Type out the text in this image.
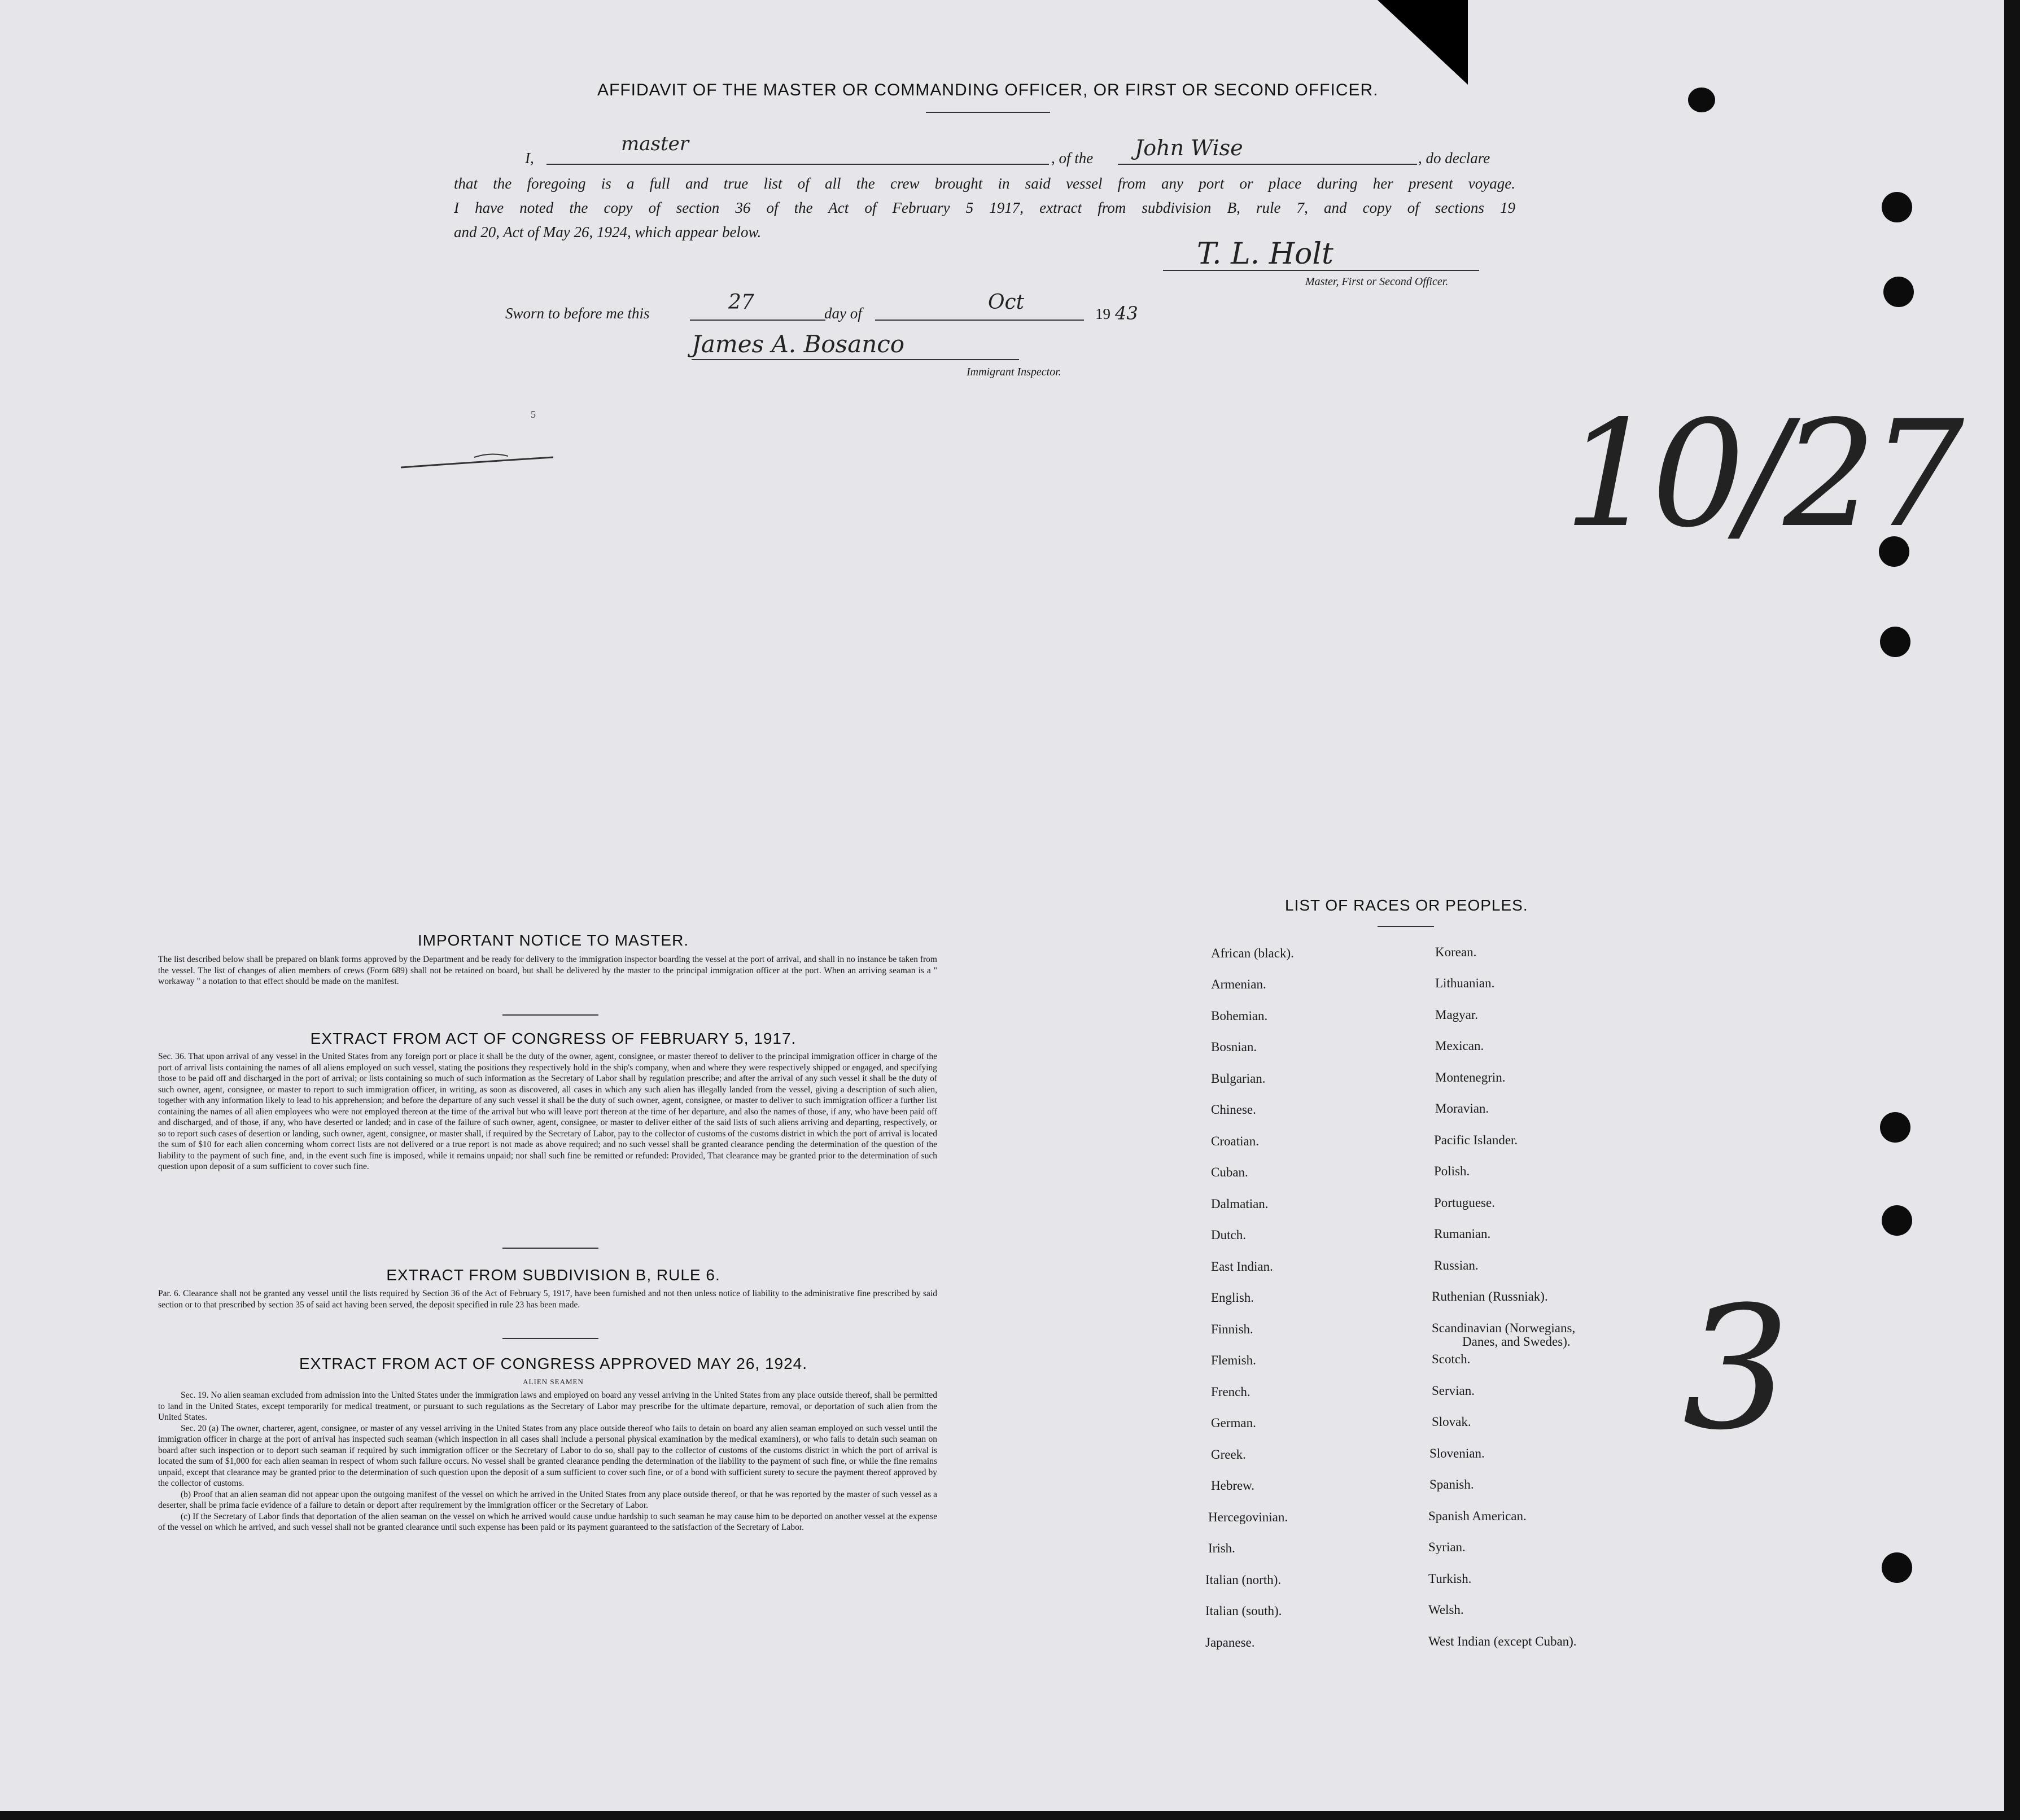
AFFIDAVIT OF THE MASTER OR COMMANDING OFFICER, OR FIRST OR SECOND OFFICER.
I,
master
, of the John Wise	, do declare
that the foregoing is a full and true list of all the crew brought in said vessel from any port or place during her present voyage.
I have noted the copy of section 36 of the Act of February 5 1917, extract from subdivision B, rule 7, and copy of sections 19
and 20, Act of May 26, 1924, which appear below.
T. L. Holt
Master, First or Second Officer.
Sworn to before me this	27	day of	Oct	19 43
James A. Bosanco
Immigrant Inspector.
5	10/27
3
IMPORTANT NOTICE TO MASTER.
The list described below shall be prepared on blank forms approved by the Department and be ready for delivery to the immigration inspector boarding the vessel at the port of arrival, and shall in no instance be taken from the vessel. The list of changes of alien members of crews (Form 689) shall not be retained on board, but shall be delivered by the master to the principal immigration officer at the port. When an arriving seaman is a " workaway " a notation to that effect should be made on the manifest.
EXTRACT FROM ACT OF CONGRESS OF FEBRUARY 5, 1917.
Sec. 36. That upon arrival of any vessel in the United States from any foreign port or place it shall be the duty of the owner, agent, consignee, or master thereof to deliver to the principal immigration officer in charge of the port of arrival lists containing the names of all aliens employed on such vessel, stating the positions they respectively hold in the ship's company, when and where they were respectively shipped or engaged, and specifying those to be paid off and discharged in the port of arrival; or lists containing so much of such information as the Secretary of Labor shall by regulation prescribe; and after the arrival of any such vessel it shall be the duty of such owner, agent, consignee, or master to report to such immigration officer, in writing, as soon as discovered, all cases in which any such alien has illegally landed from the vessel, giving a description of such alien, together with any information likely to lead to his apprehension; and before the departure of any such vessel it shall be the duty of such owner, agent, consignee, or master to deliver to such immigration officer a further list containing the names of all alien employees who were not employed thereon at the time of the arrival but who will leave port thereon at the time of her departure, and also the names of those, if any, who have been paid off and discharged, and of those, if any, who have deserted or landed; and in case of the failure of such owner, agent, consignee, or master to deliver either of the said lists of such aliens arriving and departing, respectively, or so to report such cases of desertion or landing, such owner, agent, consignee, or master shall, if required by the Secretary of Labor, pay to the collector of customs of the customs district in which the port of arrival is located the sum of $10 for each alien concerning whom correct lists are not delivered or a true report is not made as above required; and no such vessel shall be granted clearance pending the determination of the question of the liability to the payment of such fine, and, in the event such fine is imposed, while it remains unpaid; nor shall such fine be remitted or refunded: Provided, That clearance may be granted prior to the determination of such question upon deposit of a sum sufficient to cover such fine.
EXTRACT FROM SUBDIVISION B, RULE 6.
Par. 6. Clearance shall not be granted any vessel until the lists required by Section 36 of the Act of February 5, 1917, have been furnished and not then unless notice of liability to the administrative fine prescribed by said section or to that prescribed by section 35 of said act having been served, the deposit specified in rule 23 has been made.
EXTRACT FROM ACT OF CONGRESS APPROVED MAY 26, 1924.
ALIEN SEAMEN
Sec. 19. No alien seaman excluded from admission into the United States under the immigration laws and employed on board any vessel arriving in the United States from any place outside thereof, shall be permitted to land in the United States, except temporarily for medical treatment, or pursuant to such regulations as the Secretary of Labor may prescribe for the ultimate departure, removal, or deportation of such alien from the United States.
Sec. 20 (a) The owner, charterer, agent, consignee, or master of any vessel arriving in the United States from any place outside thereof who fails to detain on board any alien seaman employed on such vessel until the immigration officer in charge at the port of arrival has inspected such seaman (which inspection in all cases shall include a personal physical examination by the medical examiners), or who fails to detain such seaman on board after such inspection or to deport such seaman if required by such immigration officer or the Secretary of Labor to do so, shall pay to the collector of customs of the customs district in which the port of arrival is located the sum of $1,000 for each alien seaman in respect of whom such failure occurs. No vessel shall be granted clearance pending the determination of the liability to the payment of such fine, or while the fine remains unpaid, except that clearance may be granted prior to the determination of such question upon the deposit of a sum sufficient to cover such fine, or of a bond with sufficient surety to secure the payment thereof approved by the collector of customs.
(b) Proof that an alien seaman did not appear upon the outgoing manifest of the vessel on which he arrived in the United States from any place outside thereof, or that he was reported by the master of such vessel as a deserter, shall be prima facie evidence of a failure to detain or deport after requirement by the immigration officer or the Secretary of Labor.
(c) If the Secretary of Labor finds that deportation of the alien seaman on the vessel on which he arrived would cause undue hardship to such seaman he may cause him to be deported on another vessel at the expense of the vessel on which he arrived, and such vessel shall not be granted clearance until such expense has been paid or its payment guaranteed to the satisfaction of the Secretary of Labor.
LIST OF RACES OR PEOPLES.
African (black).
Armenian.
Bohemian.
Bosnian.
Bulgarian.
Chinese.
Croatian.
Cuban.
Dalmatian.
Dutch.
East Indian.
English.
Finnish.
Flemish.
French.
German.
Greek.
Hebrew.
Hercegovinian.
Irish.
Italian (north).
Italian (south).
Japanese.
Korean.
Lithuanian.
Magyar.
Mexican.
Montenegrin.
Moravian.
Pacific Islander.
Polish.
Portuguese.
Rumanian.
Russian.
Ruthenian (Russniak).
Scandinavian (Norwegians,
Danes, and Swedes).
Scotch.
Servian.
Slovak.
Slovenian.
Spanish.
Spanish American.
Syrian.
Turkish.
Welsh.
West Indian (except Cuban).
